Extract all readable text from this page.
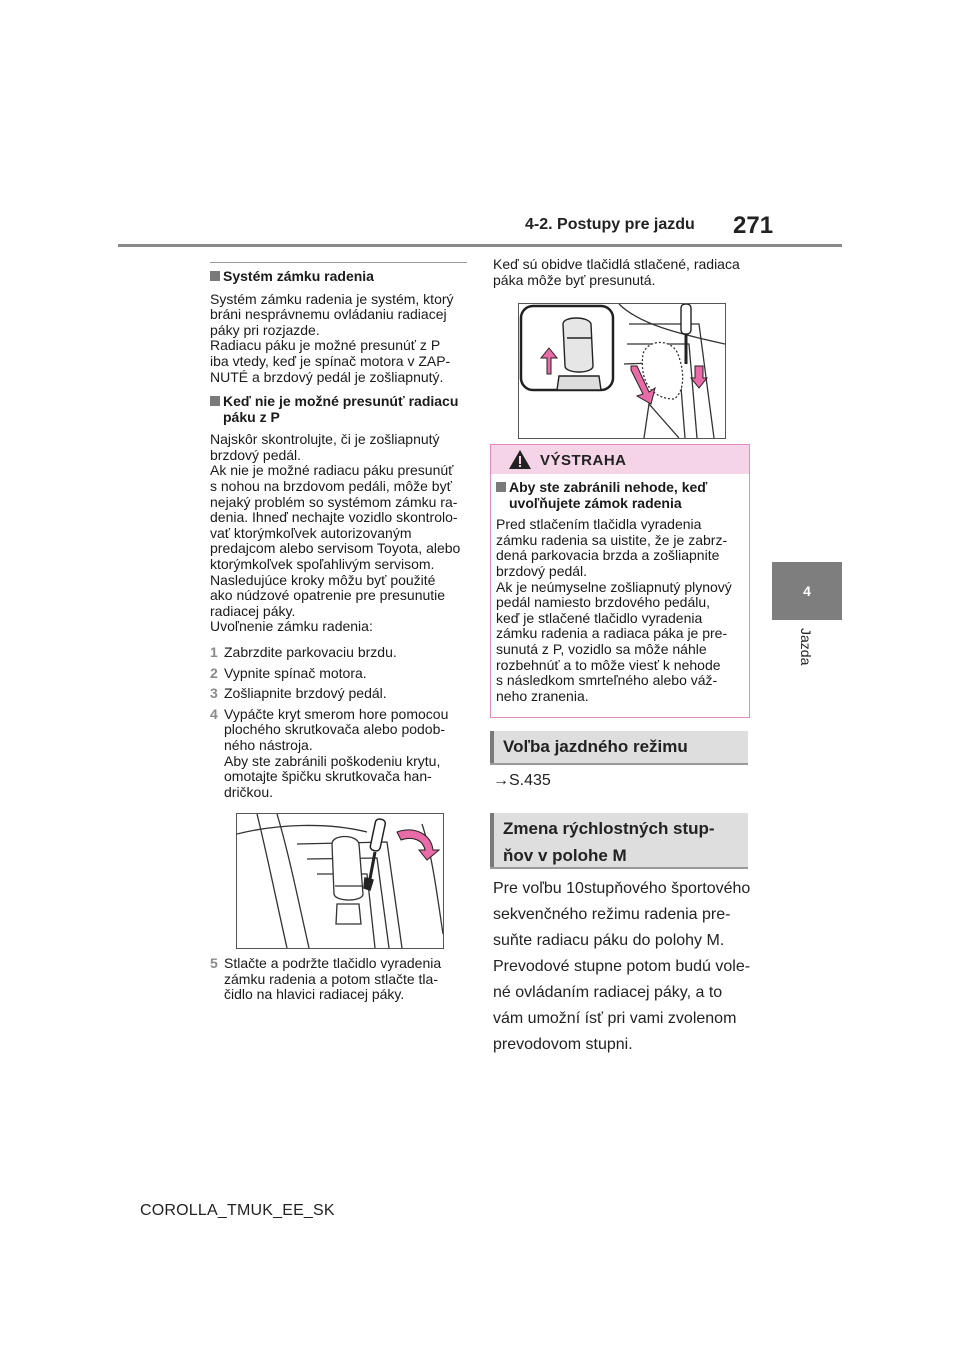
4-2. Postupy pre jazdu 271
4
Jazda
Systém zámku radenia

Systém zámku radenia je systém, ktorý

bráni nesprávnemu ovládaniu radiacej

páky pri rozjazde.

Radiacu páku je možné presunúť z P

iba vtedy, keď je spínač motora v ZAP-

NUTÉ a brzdový pedál je zošliapnutý.

Keď nie je možné presunúť radiacu
páku z P

Najskôr skontrolujte, či je zošliapnutý

brzdový pedál.

Ak nie je možné radiacu páku presunúť

s nohou na brzdovom pedáli, môže byť

nejaký problém so systémom zámku ra-

denia. Ihneď nechajte vozidlo skontrolo-

vať ktorýmkoľvek autorizovaným

predajcom alebo servisom Toyota, alebo

ktorýmkoľvek spoľahlivým servisom.

Nasledujúce kroky môžu byť použité

ako núdzové opatrenie pre presunutie

radiacej páky.

Uvoľnenie zámku radenia:

1 Zabrzdite parkovaciu brzdu.
2 Vypnite spínač motora.
3 Zošliapnite brzdový pedál.
4 Vypáčte kryt smerom hore pomocou
plochého skrutkovača alebo podob-
ného nástroja.
Aby ste zabránili poškodeniu krytu,
omotajte špičku skrutkovača han-
dričkou.
5 Stlačte a podržte tlačidlo vyradenia
zámku radenia a potom stlačte tla-
čidlo na hlavici radiacej páky.

Keď sú obidve tlačidlá stlačené, radiaca

páka môže byť presunutá.

VÝSTRAHA
Aby ste zabránili nehode, keď
uvoľňujete zámok radenia

Pred stlačením tlačidla vyradenia

zámku radenia sa uistite, že je zabrz-

dená parkovacia brzda a zošliapnite

brzdový pedál.

Ak je neúmyselne zošliapnutý plynový

pedál namiesto brzdového pedálu,

keď je stlačené tlačidlo vyradenia

zámku radenia a radiaca páka je pre-

sunutá z P, vozidlo sa môže náhle

rozbehnúť a to môže viesť k nehode

s následkom smrteľného alebo váž-

neho zranenia.

Voľba jazdného režimu
→S.435
Zmena rýchlostných stup-
ňov v polohe M

Pre voľbu 10stupňového športového

sekvenčného režimu radenia pre-

suňte radiacu páku do polohy M.

Prevodové stupne potom budú vole-

né ovládaním radiacej páky, a to

vám umožní ísť pri vami zvolenom

prevodovom stupni.

COROLLA_TMUK_EE_SK
